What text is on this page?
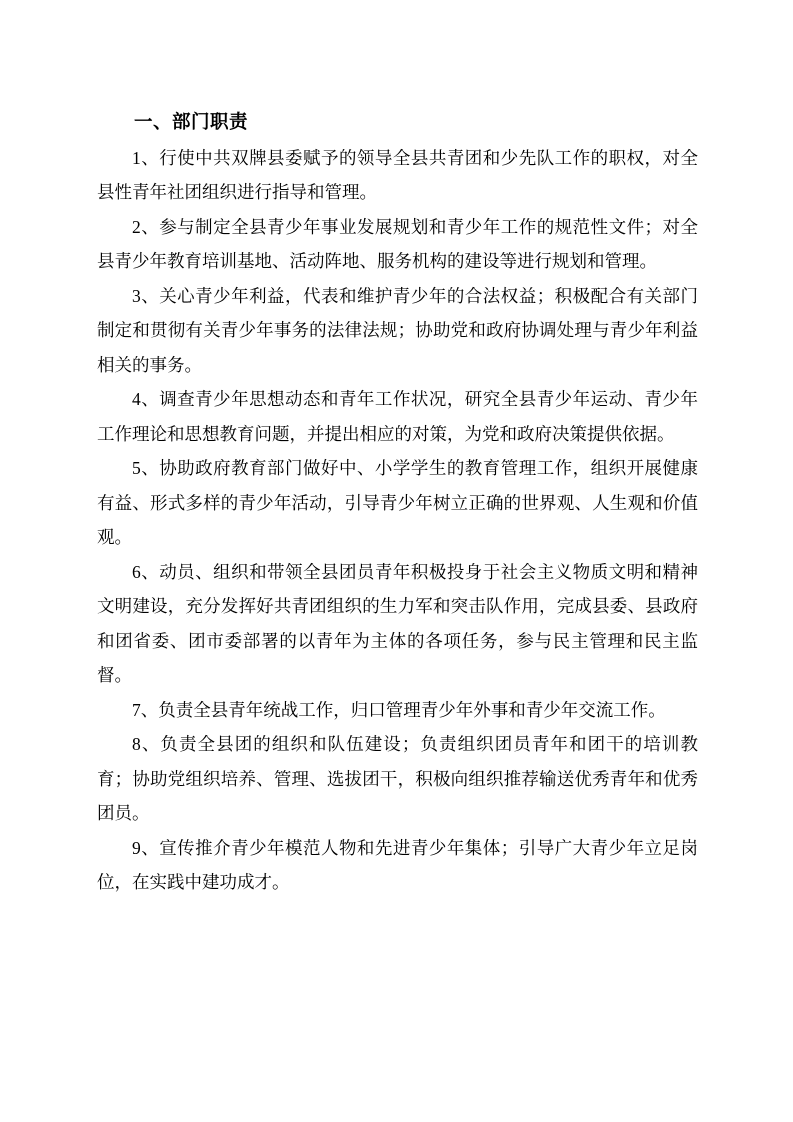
一、部门职责

1、行使中共双牌县委赋予的领导全县共青团和少先队工作的职权，对全县性青年社团组织进行指导和管理。

2、参与制定全县青少年事业发展规划和青少年工作的规范性文件；对全县青少年教育培训基地、活动阵地、服务机构的建设等进行规划和管理。

3、关心青少年利益，代表和维护青少年的合法权益；积极配合有关部门制定和贯彻有关青少年事务的法律法规；协助党和政府协调处理与青少年利益相关的事务。

4、调查青少年思想动态和青年工作状况，研究全县青少年运动、青少年工作理论和思想教育问题，并提出相应的对策，为党和政府决策提供依据。

5、协助政府教育部门做好中、小学学生的教育管理工作，组织开展健康有益、形式多样的青少年活动，引导青少年树立正确的世界观、人生观和价值观。

6、动员、组织和带领全县团员青年积极投身于社会主义物质文明和精神文明建设，充分发挥好共青团组织的生力军和突击队作用，完成县委、县政府和团省委、团市委部署的以青年为主体的各项任务，参与民主管理和民主监督。

7、负责全县青年统战工作，归口管理青少年外事和青少年交流工作。

8、负责全县团的组织和队伍建设；负责组织团员青年和团干的培训教育；协助党组织培养、管理、选拔团干，积极向组织推荐输送优秀青年和优秀团员。

9、宣传推介青少年模范人物和先进青少年集体；引导广大青少年立足岗位，在实践中建功成才。
